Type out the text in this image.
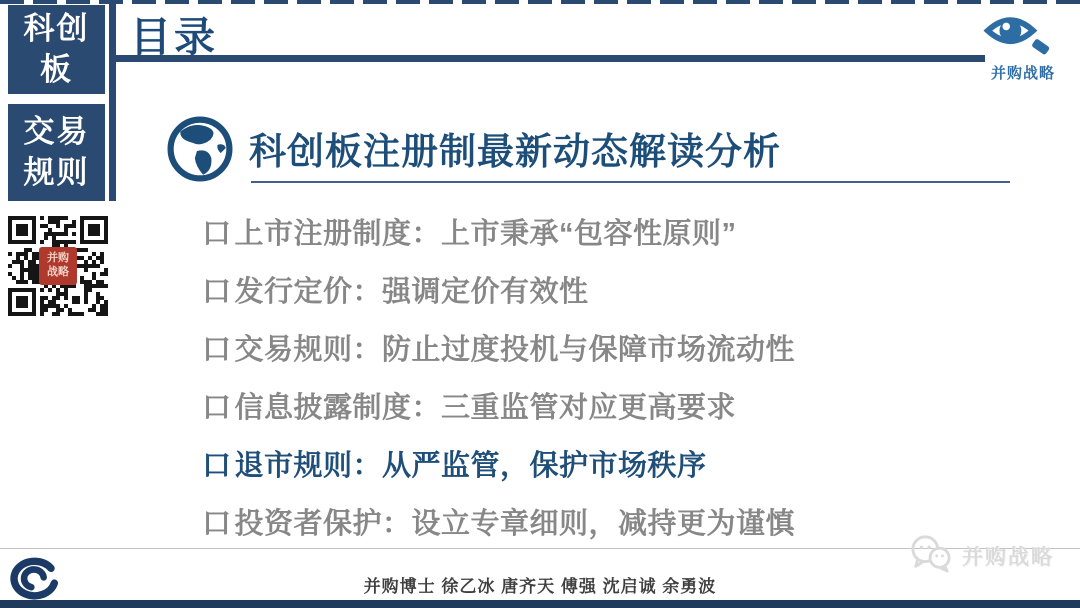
科创
板
交易
规则
目录
并购战略
并购
战略
科创板注册制最新动态解读分析
口 上市注册制度：上市秉承“包容性原则”
口 发行定价：强调定价有效性
口 交易规则：防止过度投机与保障市场流动性
口 信息披露制度：三重监管对应更高要求
口 退市规则：从严监管，保护市场秩序
口 投资者保护：设立专章细则，减持更为谨慎
并购博士 徐乙冰 唐齐天 傅强 沈启诚 余勇波
并购战略
